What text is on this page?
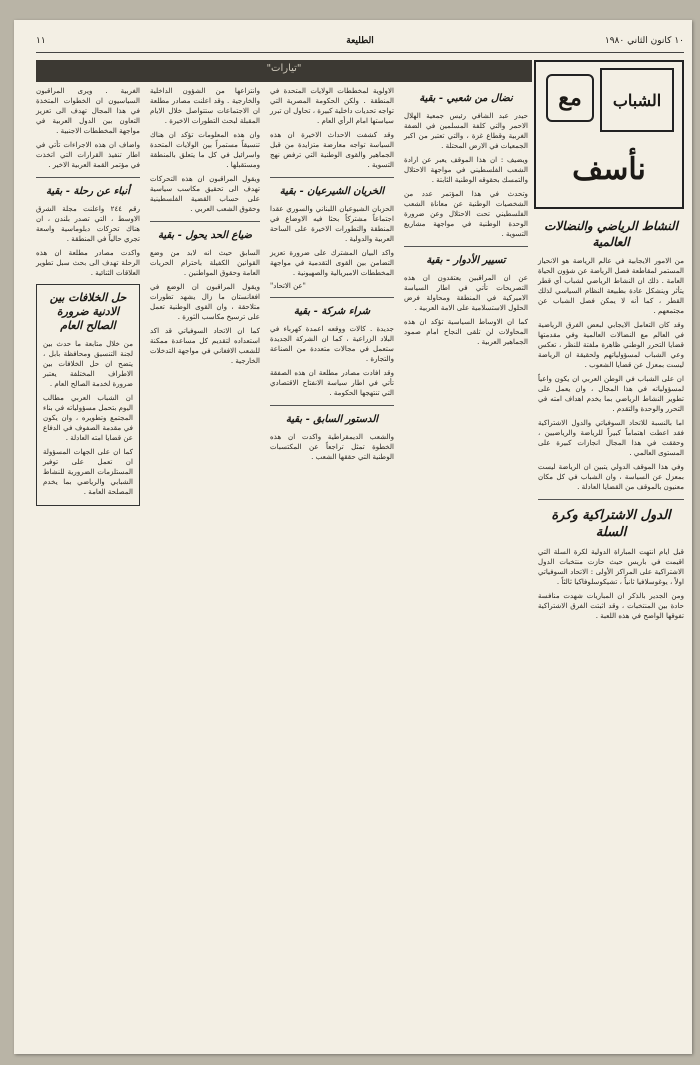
١٠ كانون الثاني ١٩٨٠
الطليعة
١١
"تيارات"
الشباب
مع
نأسف
النشاط الرياضي والنضالات العالمية

من الامور الايجابية في عالم الرياضة هو الانحياز المستمر لمقاطعة فصل الرياضة عن شؤون الحياة العامة . ذلك ان النشاط الرياضي لشباب أي قطر يتأثر وينشكل عادة بطبيعة النظام السياسي لذلك القطر ، كما أنه لا يمكن فصل الشباب عن مجتمعهم .

وقد كان التعامل الايجابي لبعض الفرق الرياضية في العالم مع النضالات العالمية وفي مقدمتها قضايا التحرر الوطني ظاهرة ملفتة للنظر ، تعكس وعي الشباب لمسؤولياتهم ولحقيقة ان الرياضة ليست بمعزل عن قضايا الشعوب .

ان على الشباب في الوطن العربي ان يكون واعياً لمسؤولياته في هذا المجال ، وان يعمل على تطوير النشاط الرياضي بما يخدم اهداف امته في التحرر والوحدة والتقدم .

اما بالنسبة للاتحاد السوفياتي والدول الاشتراكية فقد اعطت اهتماماً كبيراً للرياضة والرياضيين ، وحققت في هذا المجال انجازات كبيرة على المستوى العالمي .

وفي هذا الموقف الدولي يتبين ان الرياضة ليست بمعزل عن السياسة ، وان الشباب في كل مكان معنيون بالموقف من القضايا العادلة .

الدول الاشتراكية وكرة السلة

قبل ايام انتهت المباراة الدولية لكرة السلة التي اقيمت في باريس حيث حازت منتخبات الدول الاشتراكية على المراكز الأولى : الاتحاد السوفياتي اولاً ، يوغوسلافيا ثانياً ، تشيكوسلوفاكيا ثالثاً .

ومن الجدير بالذكر ان المباريات شهدت منافسة حادة بين المنتخبات ، وقد اثبتت الفرق الاشتراكية تفوقها الواضح في هذه اللعبة .

نضال من شعبي - بقية

حيدر عبد الشافي رئيس جمعية الهلال الاحمر والتي كلفة المسلمين في الضفة الغربية وقطاع غزة ، والتي تعتبر من اكبر الجمعيات في الارض المحتلة .

ويضيف : ان هذا الموقف يعبر عن ارادة الشعب الفلسطيني في مواجهة الاحتلال والتمسك بحقوقه الوطنية الثابتة .

وتحدث في هذا المؤتمر عدد من الشخصيات الوطنية عن معاناة الشعب الفلسطيني تحت الاحتلال وعن ضرورة الوحدة الوطنية في مواجهة مشاريع التسوية .

تسيير الأدوار - بقية

عن ان المراقبين يعتقدون ان هذه التصريحات تأتي في اطار السياسة الاميركية في المنطقة ومحاولة فرض الحلول الاستسلامية على الامة العربية .

كما ان الاوساط السياسية تؤكد ان هذه المحاولات لن تلقى النجاح امام صمود الجماهير العربية .

الاولوية لمخططات الولايات المتحدة في المنطقة . ولكن الحكومة المصرية التي تواجه تحديات داخلية كبيرة ، تحاول ان تبرر سياستها امام الرأي العام .

وقد كشفت الاحداث الاخيرة ان هذه السياسة تواجه معارضة متزايدة من قبل الجماهير والقوى الوطنية التي ترفض نهج التسوية .

الخريان الشيرعيان - بقية

الحزبان الشيوعيان اللبناني والسوري عقدا اجتماعاً مشتركاً بحثا فيه الاوضاع في المنطقة والتطورات الاخيرة على الساحة العربية والدولية .

واكد البيان المشترك على ضرورة تعزيز التضامن بين القوى التقدمية في مواجهة المخططات الامبريالية والصهيونية .

"عن الاتحاد"
شراء شركة - بقية

جديدة . كالات ووقعه اعمدة كهرباء في البلاد الزراعية ، كما ان الشركة الجديدة ستعمل في مجالات متعددة من الصناعة والتجارة .

وقد افادت مصادر مطلعة ان هذه الصفقة تأتي في اطار سياسة الانفتاح الاقتصادي التي تنتهجها الحكومة .

الدستور السابق - بقية

والشعب الديمقراطية واكدت ان هذه الخطوة تمثل تراجعاً عن المكتسبات الوطنية التي حققها الشعب .

وانتزاعها من الشؤون الداخلية والخارجية . وقد اعلنت مصادر مطلعة ان الاجتماعات ستتواصل خلال الايام المقبلة لبحث التطورات الاخيرة .

وان هذه المعلومات تؤكد ان هناك تنسيقاً مستمراً بين الولايات المتحدة واسرائيل في كل ما يتعلق بالمنطقة ومستقبلها .

ويقول المراقبون ان هذه التحركات تهدف الى تحقيق مكاسب سياسية على حساب القضية الفلسطينية وحقوق الشعب العربي .

ضياع الحد يحول - بقية

السابق حيث انه لابد من وضع القوانين الكفيلة باحترام الحريات العامة وحقوق المواطنين .

ويقول المراقبون ان الوضع في افغانستان ما زال يشهد تطورات متلاحقة ، وان القوى الوطنية تعمل على ترسيخ مكاسب الثورة .

كما ان الاتحاد السوفياتي قد اكد استعداده لتقديم كل مساعدة ممكنة للشعب الافغاني في مواجهة التدخلات الخارجية .

الغربية . ويرى المراقبون السياسيون ان الخطوات المتخذة في هذا المجال تهدف الى تعزيز التعاون بين الدول العربية في مواجهة المخططات الاجنبية .

واضاف ان هذه الاجراءات تأتي في اطار تنفيذ القرارات التي اتخذت في مؤتمر القمة العربية الاخير .

أنباء عن رحلة - بقية

رقم ٢٤٤ واعلنت مجلة الشرق الاوسط ، التي تصدر بلندن ، ان هناك تحركات دبلوماسية واسعة تجري حالياً في المنطقة .

واكدت مصادر مطلعة ان هذه الرحلة تهدف الى بحث سبل تطوير العلاقات الثنائية .

حل الخلافات بين الادنية ضرورة الصالح العام

من خلال متابعة ما حدث بين لجنة التنسيق ومحافظة بابل ، يتضح ان حل الخلافات بين الاطراف المختلفة يعتبر ضرورة لخدمة الصالح العام .

ان الشباب العربي مطالب اليوم بتحمل مسؤولياته في بناء المجتمع وتطويره ، وان يكون في مقدمة الصفوف في الدفاع عن قضايا امته العادلة .

كما ان على الجهات المسؤولة ان تعمل على توفير المستلزمات الضرورية للنشاط الشبابي والرياضي بما يخدم المصلحة العامة .
